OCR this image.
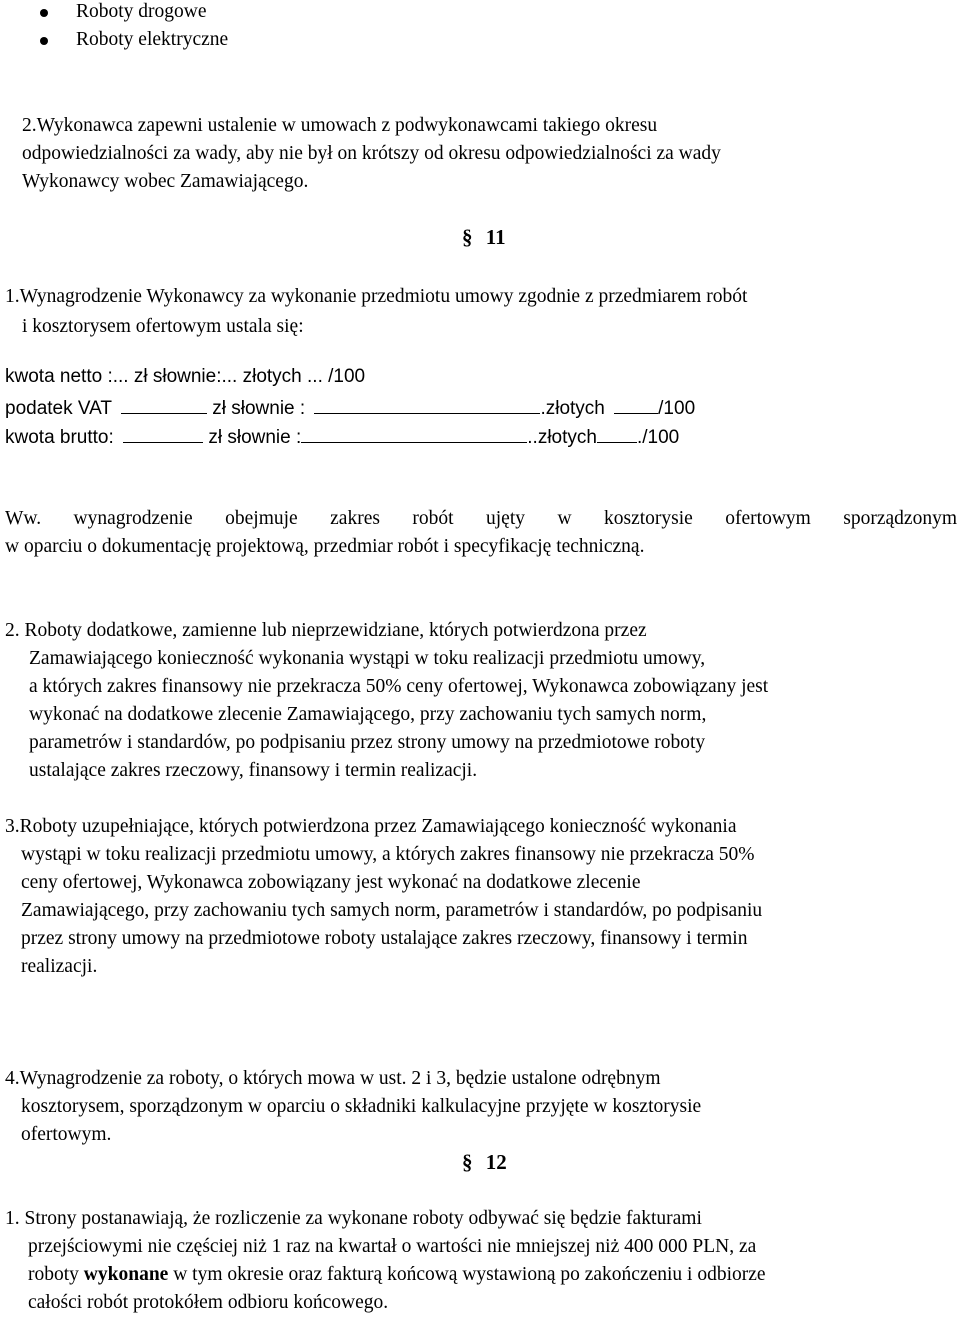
Roboty drogowe
Roboty elektryczne
2.Wykonawca zapewni ustalenie w umowach z podwykonawcami takiego okresu
odpowiedzialności za wady, aby nie był on krótszy od okresu odpowiedzialności za wady
Wykonawcy wobec Zamawiającego.
§ 11
1.Wynagrodzenie Wykonawcy za wykonanie przedmiotu umowy zgodnie z przedmiarem robót
i kosztorysem ofertowym ustala się:
kwota netto :... zł słownie:... złotych ... /100
podatek VAT	zł słownie :	.złotych	/100
kwota brutto:	zł słownie :	..złotych ./100
Ww. wynagrodzenie obejmuje zakres robót ujęty w kosztorysie ofertowym sporządzonym
w oparciu o dokumentację projektową, przedmiar robót i specyfikację techniczną.
2. Roboty dodatkowe, zamienne lub nieprzewidziane, których potwierdzona przez
Zamawiającego konieczność wykonania wystąpi w toku realizacji przedmiotu umowy,
a których zakres finansowy nie przekracza 50% ceny ofertowej, Wykonawca zobowiązany jest
wykonać na dodatkowe zlecenie Zamawiającego, przy zachowaniu tych samych norm,
parametrów i standardów, po podpisaniu przez strony umowy na przedmiotowe roboty
ustalające zakres rzeczowy, finansowy i termin realizacji.
3.Roboty uzupełniające, których potwierdzona przez Zamawiającego konieczność wykonania
wystąpi w toku realizacji przedmiotu umowy, a których zakres finansowy nie przekracza 50%
ceny ofertowej, Wykonawca zobowiązany jest wykonać na dodatkowe zlecenie
Zamawiającego, przy zachowaniu tych samych norm, parametrów i standardów, po podpisaniu
przez strony umowy na przedmiotowe roboty ustalające zakres rzeczowy, finansowy i termin
realizacji.
4.Wynagrodzenie za roboty, o których mowa w ust. 2 i 3, będzie ustalone odrębnym
kosztorysem, sporządzonym w oparciu o składniki kalkulacyjne przyjęte w kosztorysie
ofertowym.
§ 12
1. Strony postanawiają, że rozliczenie za wykonane roboty odbywać się będzie fakturami
przejściowymi nie częściej niż 1 raz na kwartał o wartości nie mniejszej niż 400 000 PLN, za
roboty wykonane w tym okresie oraz fakturą końcową wystawioną po zakończeniu i odbiorze
całości robót protokółem odbioru końcowego.
